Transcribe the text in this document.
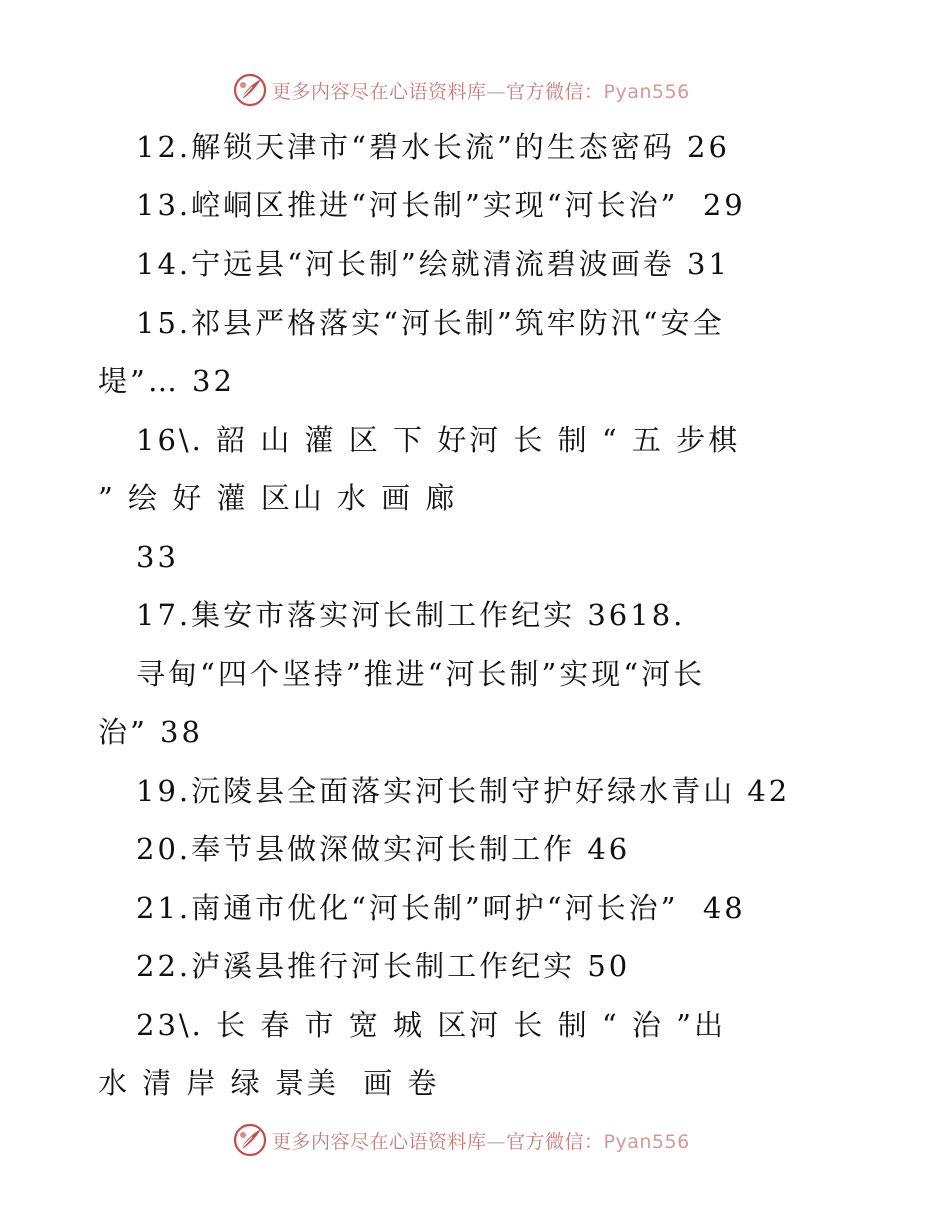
更多内容尽在心语资料库—官方微信：Pyan556
12.解锁天津市“碧水长流”的生态密码 26
13.崆峒区推进“河长制”实现“河长治”  29
14.宁远县“河长制”绘就清流碧波画卷 31
15.祁县严格落实“河长制”筑牢防汛“安全
堤”… 32
16\. 韶 山 灌 区 下 好河 长 制 “ 五 步棋
” 绘 好 灌 区山 水 画 廊
33
17.集安市落实河长制工作纪实 3618.
寻甸“四个坚持”推进“河长制”实现“河长
治” 38
19.沅陵县全面落实河长制守护好绿水青山 42
20.奉节县做深做实河长制工作 46
21.南通市优化“河长制”呵护“河长治”  48
22.泸溪县推行河长制工作纪实 50
23\. 长 春 市 宽 城 区河 长 制 “ 治 ”出
水 清 岸 绿 景美  画 卷
更多内容尽在心语资料库—官方微信：Pyan556
